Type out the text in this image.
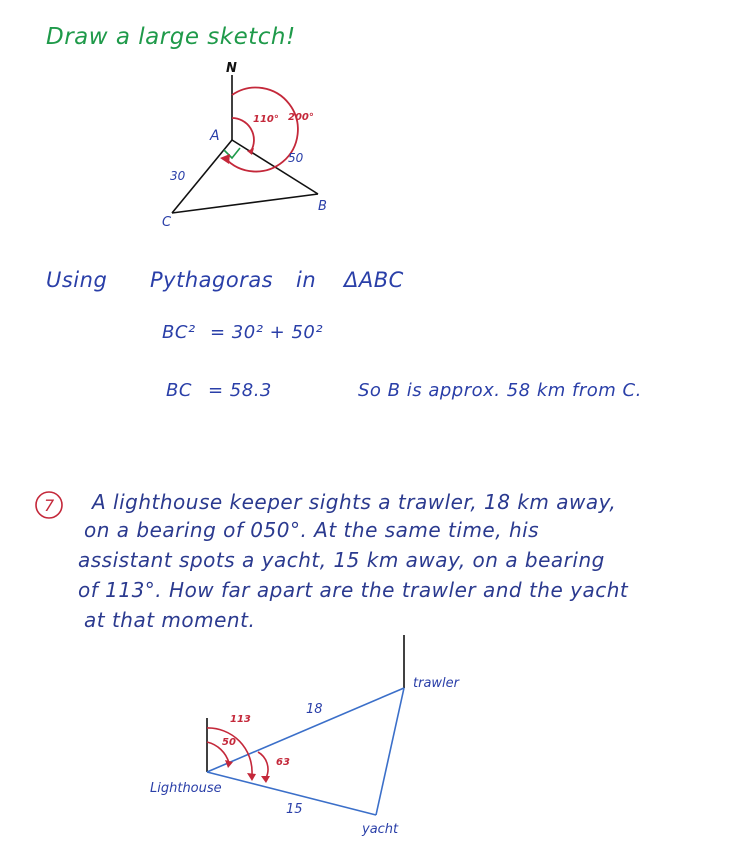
Draw a large sketch!
N
110° 200°
A
B
C
30
50
Using Pythagoras in ΔABC
BC² = 30² + 50²
BC = 58.3	So B is approx. 58 km from C.
7 A lighthouse keeper sights a trawler, 18 km away,
on a bearing of 050°. At the same time, his
assistant spots a yacht, 15 km away, on a bearing
of 113°. How far apart are the trawler and the yacht
at that moment.
113
50
63
18
15
trawler
yacht
Lighthouse
